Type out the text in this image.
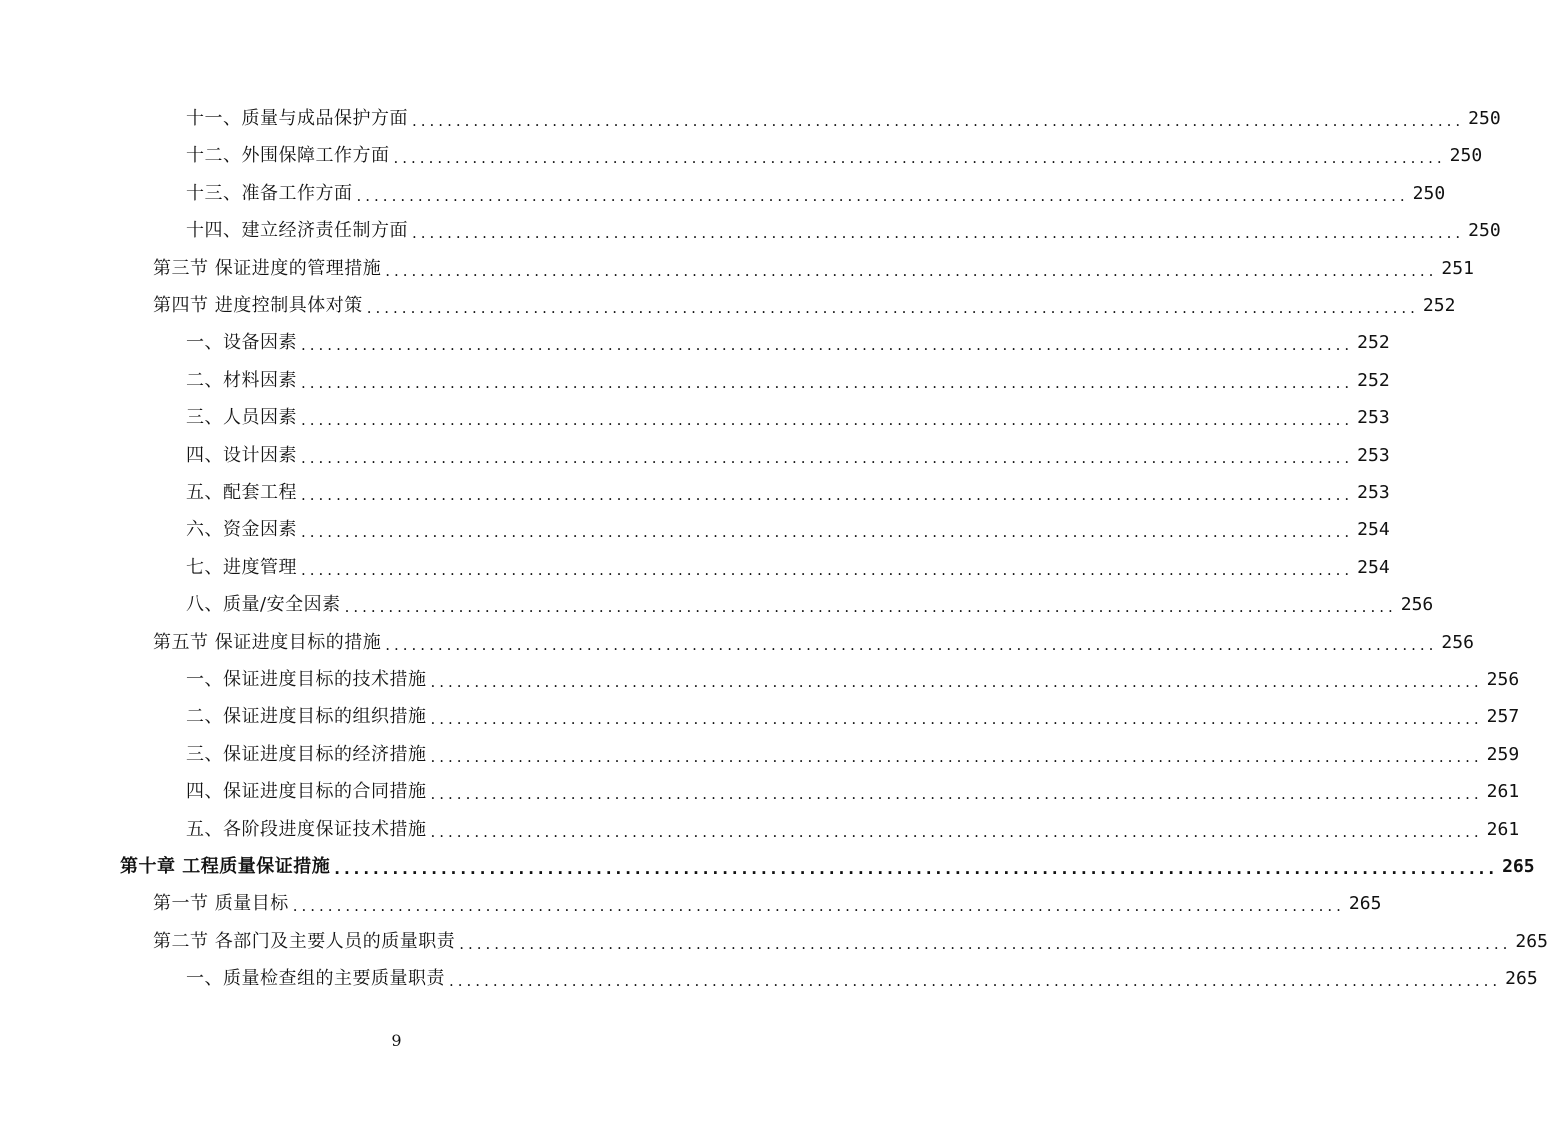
十一、质量与成品保护方面 ........................................................................................................................ 250
十二、外围保障工作方面 ........................................................................................................................ 250
十三、准备工作方面 ........................................................................................................................ 250
十四、建立经济责任制方面 ........................................................................................................................ 250
第三节 保证进度的管理措施 ........................................................................................................................ 251
第四节 进度控制具体对策 ........................................................................................................................ 252
一、设备因素 ........................................................................................................................ 252
二、材料因素 ........................................................................................................................ 252
三、人员因素 ........................................................................................................................ 253
四、设计因素 ........................................................................................................................ 253
五、配套工程 ........................................................................................................................ 253
六、资金因素 ........................................................................................................................ 254
七、进度管理 ........................................................................................................................ 254
八、质量/安全因素 ........................................................................................................................ 256
第五节 保证进度目标的措施 ........................................................................................................................ 256
一、保证进度目标的技术措施 ........................................................................................................................ 256
二、保证进度目标的组织措施 ........................................................................................................................ 257
三、保证进度目标的经济措施 ........................................................................................................................ 259
四、保证进度目标的合同措施 ........................................................................................................................ 261
五、各阶段进度保证技术措施 ........................................................................................................................ 261
第十章 工程质量保证措施 ........................................................................................................................ 265
第一节 质量目标 ........................................................................................................................ 265
第二节 各部门及主要人员的质量职责 ........................................................................................................................ 265
一、质量检查组的主要质量职责 ........................................................................................................................ 265
9
